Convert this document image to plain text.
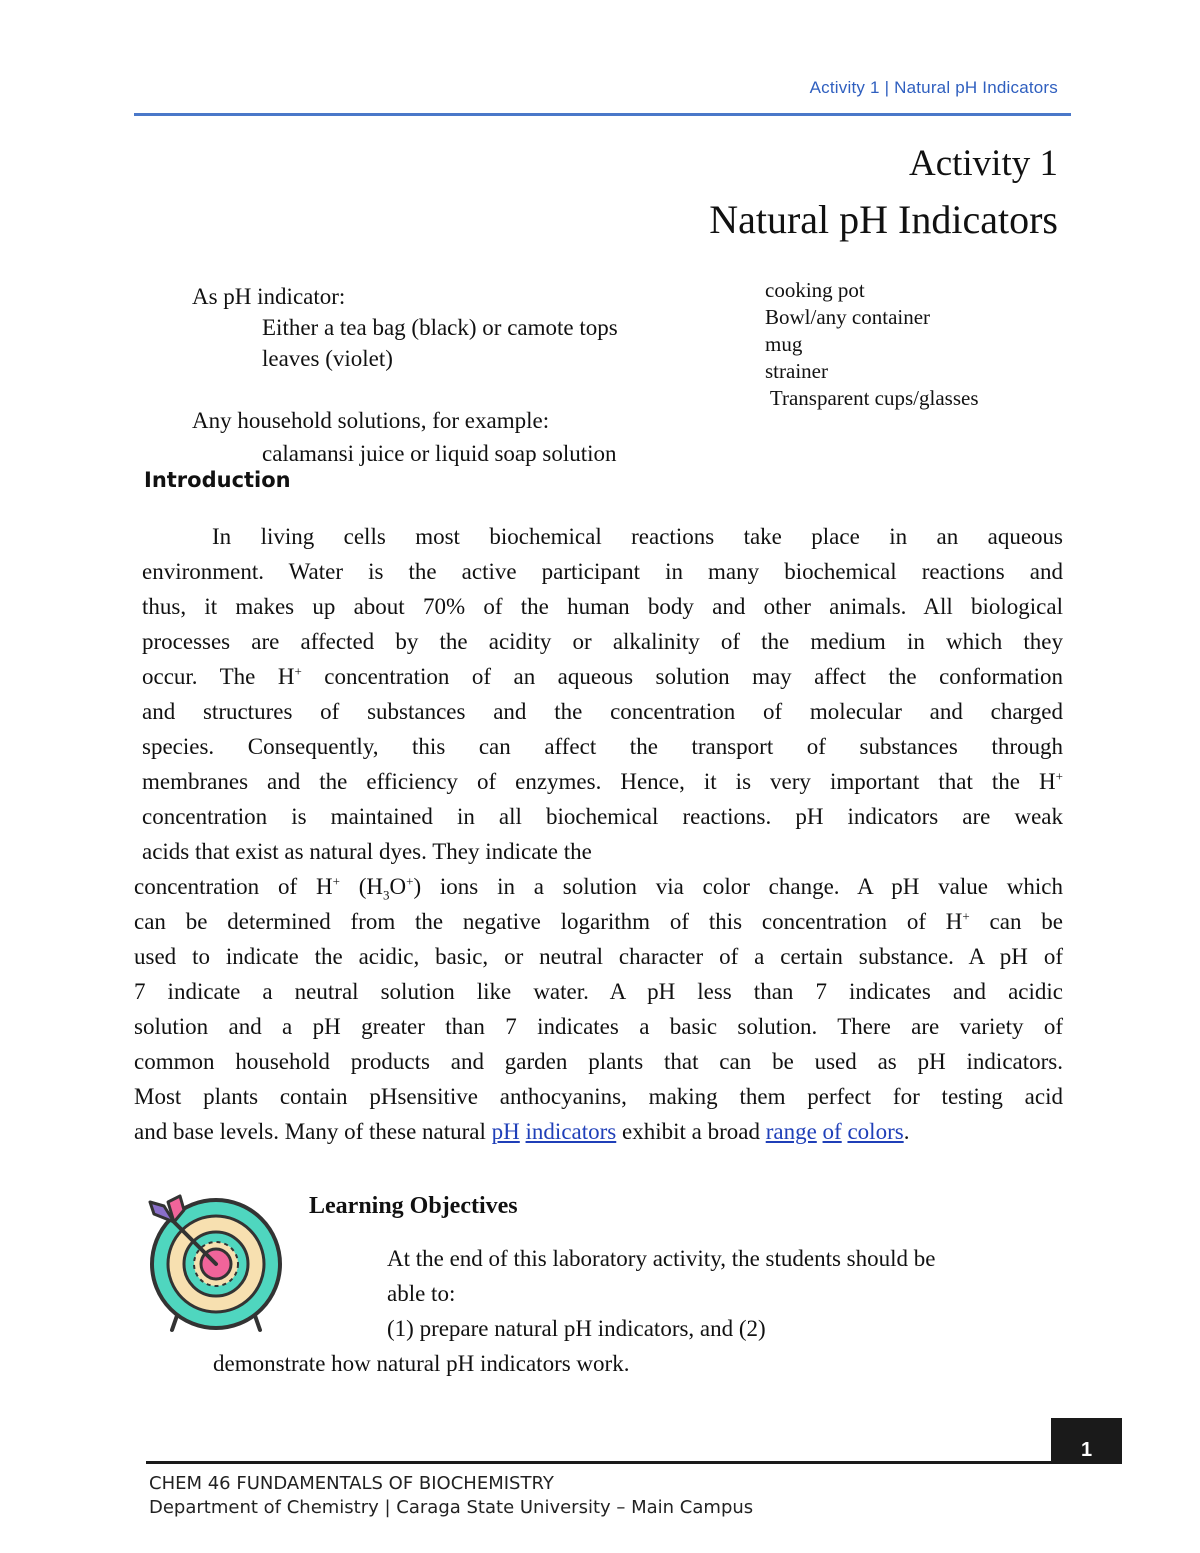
Activity 1 | Natural pH Indicators
Activity 1
Natural pH Indicators
As pH indicator:
Either a tea bag (black) or camote tops
leaves (violet)
Any household solutions, for example:
calamansi juice or liquid soap solution
cooking pot
Bowl/any container
mug
strainer
Transparent cups/glasses
Introduction
In living cells most biochemical reactions take place in an aqueous
environment. Water is the active participant in many biochemical reactions and
thus, it makes up about 70% of the human body and other animals. All biological
processes are affected by the acidity or alkalinity of the medium in which they
occur. The H+ concentration of an aqueous solution may affect the conformation
and structures of substances and the concentration of molecular and charged
species. Consequently, this can affect the transport of substances through
membranes and the efficiency of enzymes. Hence, it is very important that the H+
concentration is maintained in all biochemical reactions. pH indicators are weak
acids that exist as natural dyes. They indicate the
concentration of H+ $(H_3O^+)$ ions in a solution via color change. A pH value which
can be determined from the negative logarithm of this concentration of H+ can be
used to indicate the acidic, basic, or neutral character of a certain substance. A pH of
7 indicate a neutral solution like water. A pH less than 7 indicates and acidic
solution and a pH greater than 7 indicates a basic solution. There are variety of
common household products and garden plants that can be used as pH indicators.
Most plants contain pHsensitive anthocyanins, making them perfect for testing acid
and base levels. Many of these natural pH indicators exhibit a broad range of colors.
Learning Objectives
At the end of this laboratory activity, the students should be
able to:
(1) prepare natural pH indicators, and (2)
demonstrate how natural pH indicators work.
1
CHEM 46 FUNDAMENTALS OF BIOCHEMISTRY
Department of Chemistry | Caraga State University – Main Campus
